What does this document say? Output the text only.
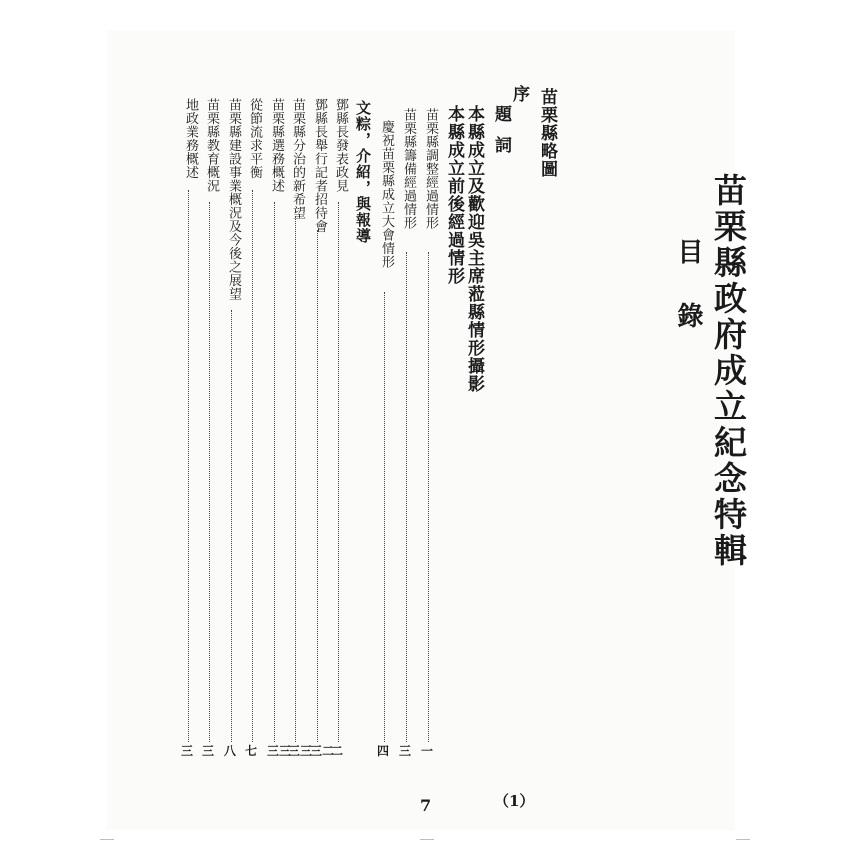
苗栗縣政府成立紀念特輯
目錄
苗栗縣略圖
序
題詞
本縣成立及歡迎吳主席蒞縣情形攝影
本縣成立前後經過情形
苗栗縣調整經過情形
一
苗栗縣籌備經過情形
三
慶祝苗栗縣成立大會情形
四
文粽，介紹，與報導
鄧縣長發表政見
二
鄧縣長舉行記者招待會
三二
苗栗縣分治的新希望
三三
苗栗縣選務概述
三三
從節流求平衡
七
苗栗縣建設事業概況及今後之展望
八
苗栗縣教育概況
三
地政業務概述
三
（1）
7
